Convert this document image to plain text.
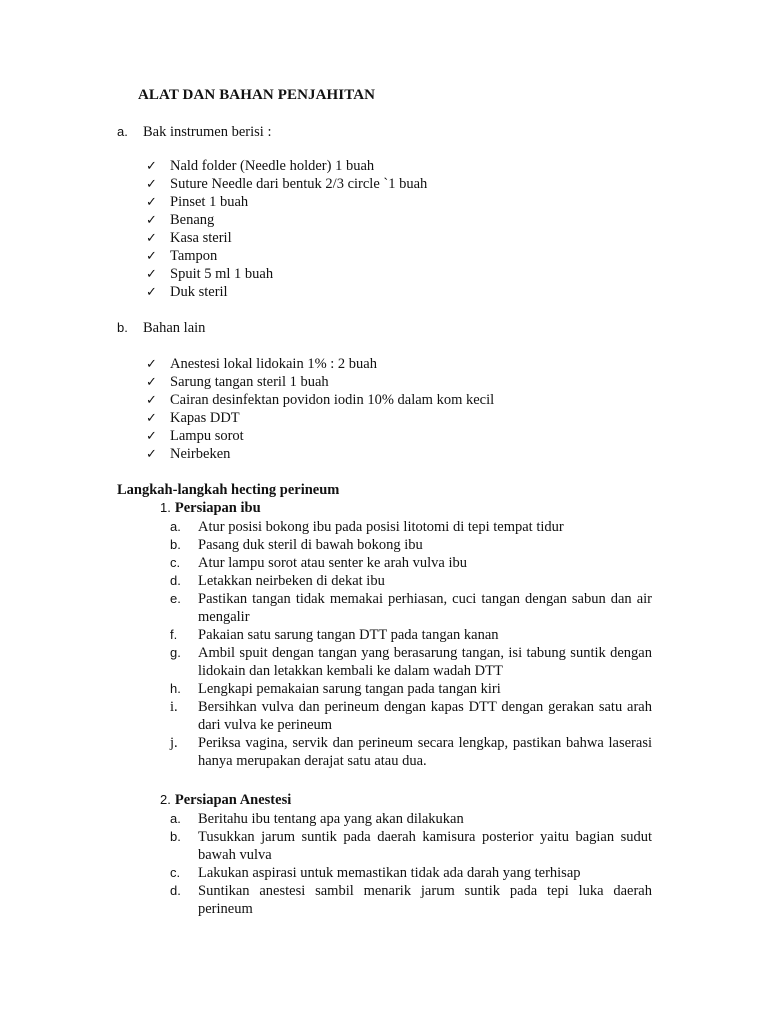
ALAT DAN BAHAN PENJAHITAN
a. Bak instrumen berisi :
✓ Nald folder (Needle holder) 1 buah
✓ Suture Needle dari bentuk 2/3 circle `1 buah
✓ Pinset 1 buah
✓ Benang
✓ Kasa steril
✓ Tampon
✓ Spuit 5 ml 1 buah
✓ Duk steril
b. Bahan lain
✓ Anestesi lokal lidokain 1% : 2 buah
✓ Sarung tangan steril 1 buah
✓ Cairan desinfektan povidon iodin 10% dalam kom kecil
✓ Kapas DDT
✓ Lampu sorot
✓ Neirbeken
Langkah-langkah hecting perineum
1. Persiapan ibu
a. Atur posisi bokong ibu pada posisi litotomi di tepi tempat tidur
b. Pasang duk steril di bawah bokong ibu
c. Atur lampu sorot atau senter ke arah vulva ibu
d. Letakkan neirbeken di dekat ibu
e. Pastikan tangan tidak memakai perhiasan, cuci tangan dengan sabun dan air mengalir
f. Pakaian satu sarung tangan DTT pada tangan kanan
g. Ambil spuit dengan tangan yang berasarung tangan, isi tabung suntik dengan lidokain dan letakkan kembali ke dalam wadah DTT
h. Lengkapi pemakaian sarung tangan pada tangan kiri
i. Bersihkan vulva dan perineum dengan kapas DTT dengan gerakan satu arah dari vulva ke perineum
j. Periksa vagina, servik dan perineum secara lengkap, pastikan bahwa laserasi hanya merupakan derajat satu atau dua.
2. Persiapan Anestesi
a. Beritahu ibu tentang apa yang akan dilakukan
b. Tusukkan jarum suntik pada daerah kamisura posterior yaitu bagian sudut bawah vulva
c. Lakukan aspirasi untuk memastikan tidak ada darah yang terhisap
d. Suntikan anestesi sambil menarik jarum suntik pada tepi luka daerah perineum
